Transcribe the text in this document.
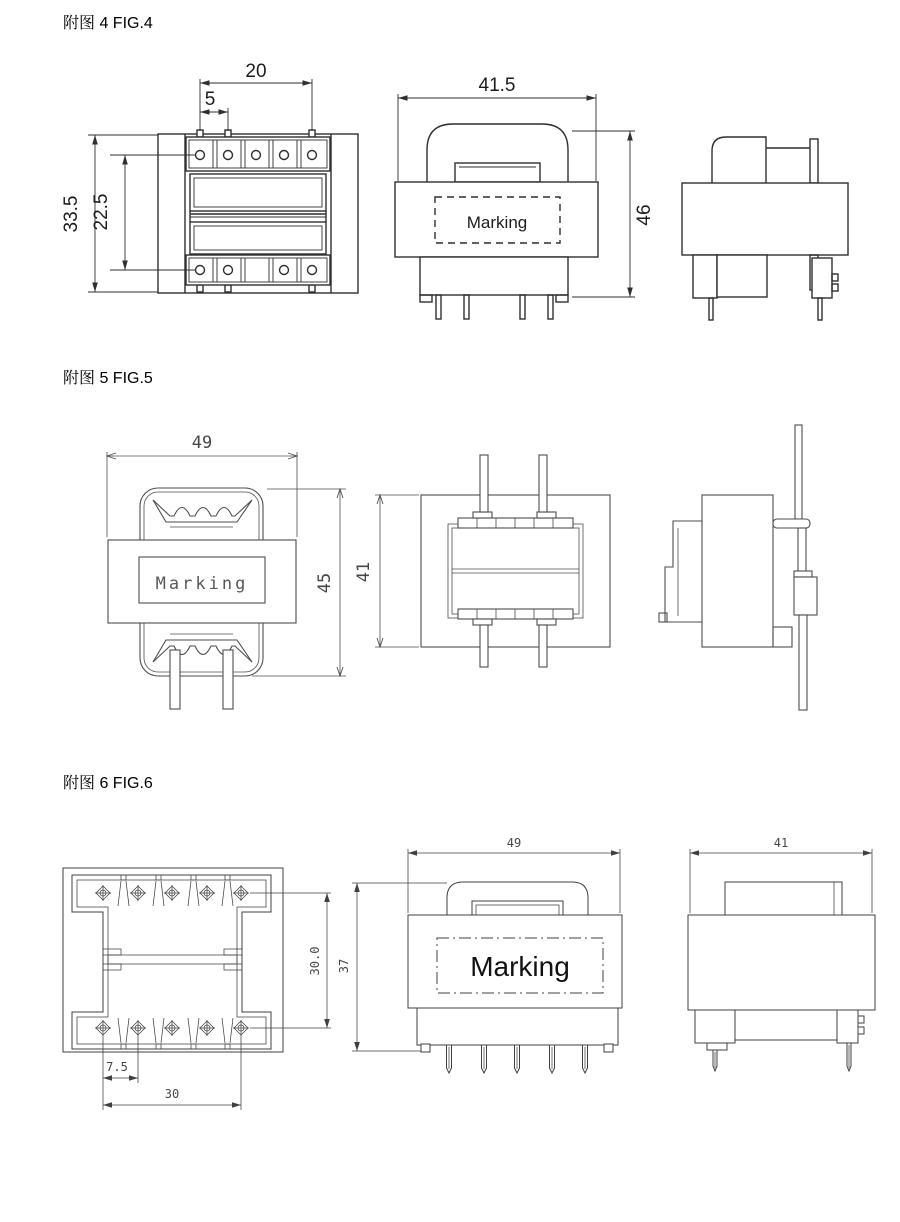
附图 4 FIG.4
20
5
33.5 22.5	Marking
41.5
46
附图 5 FIG.5
Marking
49
45
41
附图 6 FIG.6
30.0
7.5
30
Marking
49
37
41
